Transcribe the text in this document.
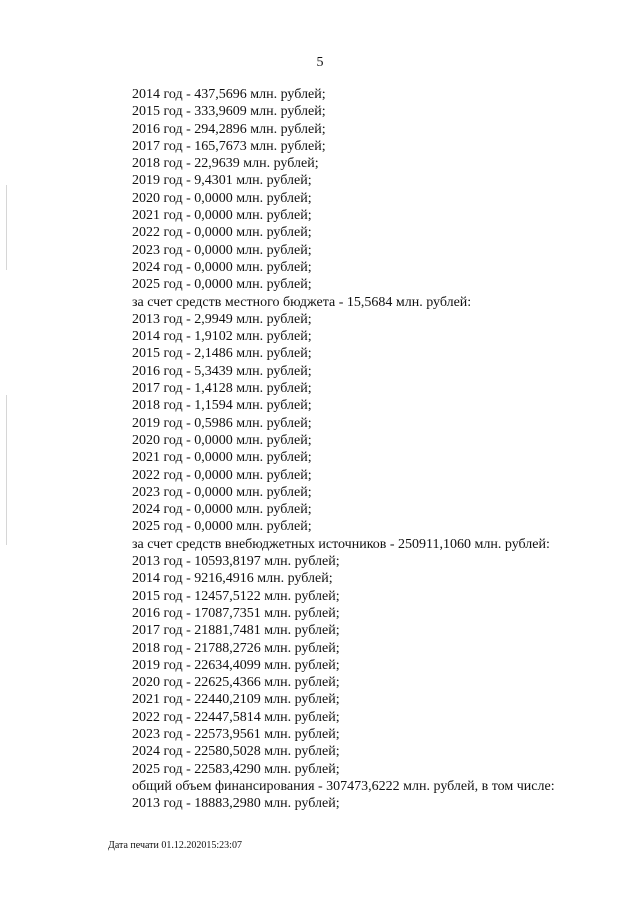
5
2014 год - 437,5696 млн. рублей;
2015 год - 333,9609 млн. рублей;
2016 год - 294,2896 млн. рублей;
2017 год - 165,7673 млн. рублей;
2018 год - 22,9639 млн. рублей;
2019 год - 9,4301 млн. рублей;
2020 год - 0,0000 млн. рублей;
2021 год - 0,0000 млн. рублей;
2022 год - 0,0000 млн. рублей;
2023 год - 0,0000 млн. рублей;
2024 год - 0,0000 млн. рублей;
2025 год - 0,0000 млн. рублей;
за счет средств местного бюджета - 15,5684 млн. рублей:
2013 год - 2,9949 млн. рублей;
2014 год - 1,9102 млн. рублей;
2015 год - 2,1486 млн. рублей;
2016 год - 5,3439 млн. рублей;
2017 год - 1,4128 млн. рублей;
2018 год - 1,1594 млн. рублей;
2019 год - 0,5986 млн. рублей;
2020 год - 0,0000 млн. рублей;
2021 год - 0,0000 млн. рублей;
2022 год - 0,0000 млн. рублей;
2023 год - 0,0000 млн. рублей;
2024 год - 0,0000 млн. рублей;
2025 год - 0,0000 млн. рублей;
за счет средств внебюджетных источников - 250911,1060 млн. рублей:
2013 год - 10593,8197 млн. рублей;
2014 год - 9216,4916 млн. рублей;
2015 год - 12457,5122 млн. рублей;
2016 год - 17087,7351 млн. рублей;
2017 год - 21881,7481 млн. рублей;
2018 год - 21788,2726 млн. рублей;
2019 год - 22634,4099 млн. рублей;
2020 год - 22625,4366 млн. рублей;
2021 год - 22440,2109 млн. рублей;
2022 год - 22447,5814 млн. рублей;
2023 год - 22573,9561 млн. рублей;
2024 год - 22580,5028 млн. рублей;
2025 год - 22583,4290 млн. рублей;
общий объем финансирования - 307473,6222 млн. рублей, в том числе:
2013 год - 18883,2980 млн. рублей;
Дата печати 01.12.202015:23:07
